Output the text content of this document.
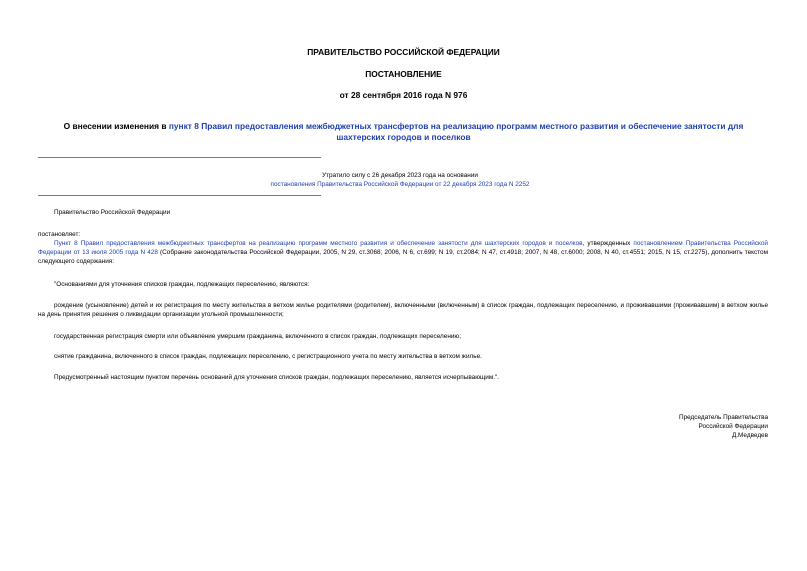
ПРАВИТЕЛЬСТВО РОССИЙСКОЙ ФЕДЕРАЦИИ
ПОСТАНОВЛЕНИЕ
от 28 сентября 2016 года N 976
О внесении изменения в пункт 8 Правил предоставления межбюджетных трансфертов на реализацию программ местного развития и обеспечение занятости для шахтерских городов и поселков
Утратило силу с 26 декабря 2023 года на основании
постановления Правительства Российской Федерации от 22 декабря 2023 года N 2252
Правительство Российской Федерации
постановляет:
Пункт 8 Правил предоставления межбюджетных трансфертов на реализацию программ местного развития и обеспечение занятости для шахтерских городов и поселков, утвержденных постановлением Правительства Российской Федерации от 13 июля 2005 года N 428 (Собрание законодательства Российской Федерации, 2005, N 29, ст.3068; 2006, N 6, ст.699; N 19, ст.2084; N 47, ст.4918; 2007, N 48, ст.6000; 2008, N 40, ст.4551; 2015, N 15, ст.2275), дополнить текстом следующего содержания:
"Основаниями для уточнения списков граждан, подлежащих переселению, являются:
рождение (усыновление) детей и их регистрация по месту жительства в ветхом жилье родителями (родителем), включенными (включенным) в список граждан, подлежащих переселению, и проживавшими (проживавшим) в ветхом жилье на день принятия решения о ликвидации организации угольной промышленности;
государственная регистрация смерти или объявление умершим гражданина, включенного в список граждан, подлежащих переселению;
снятие гражданина, включенного в список граждан, подлежащих переселению, с регистрационного учета по месту жительства в ветхом жилье.
Предусмотренный настоящим пунктом перечень оснований для уточнения списков граждан, подлежащих переселению, является исчерпывающим.".
Председатель Правительства
Российской Федерации
Д.Медведев
